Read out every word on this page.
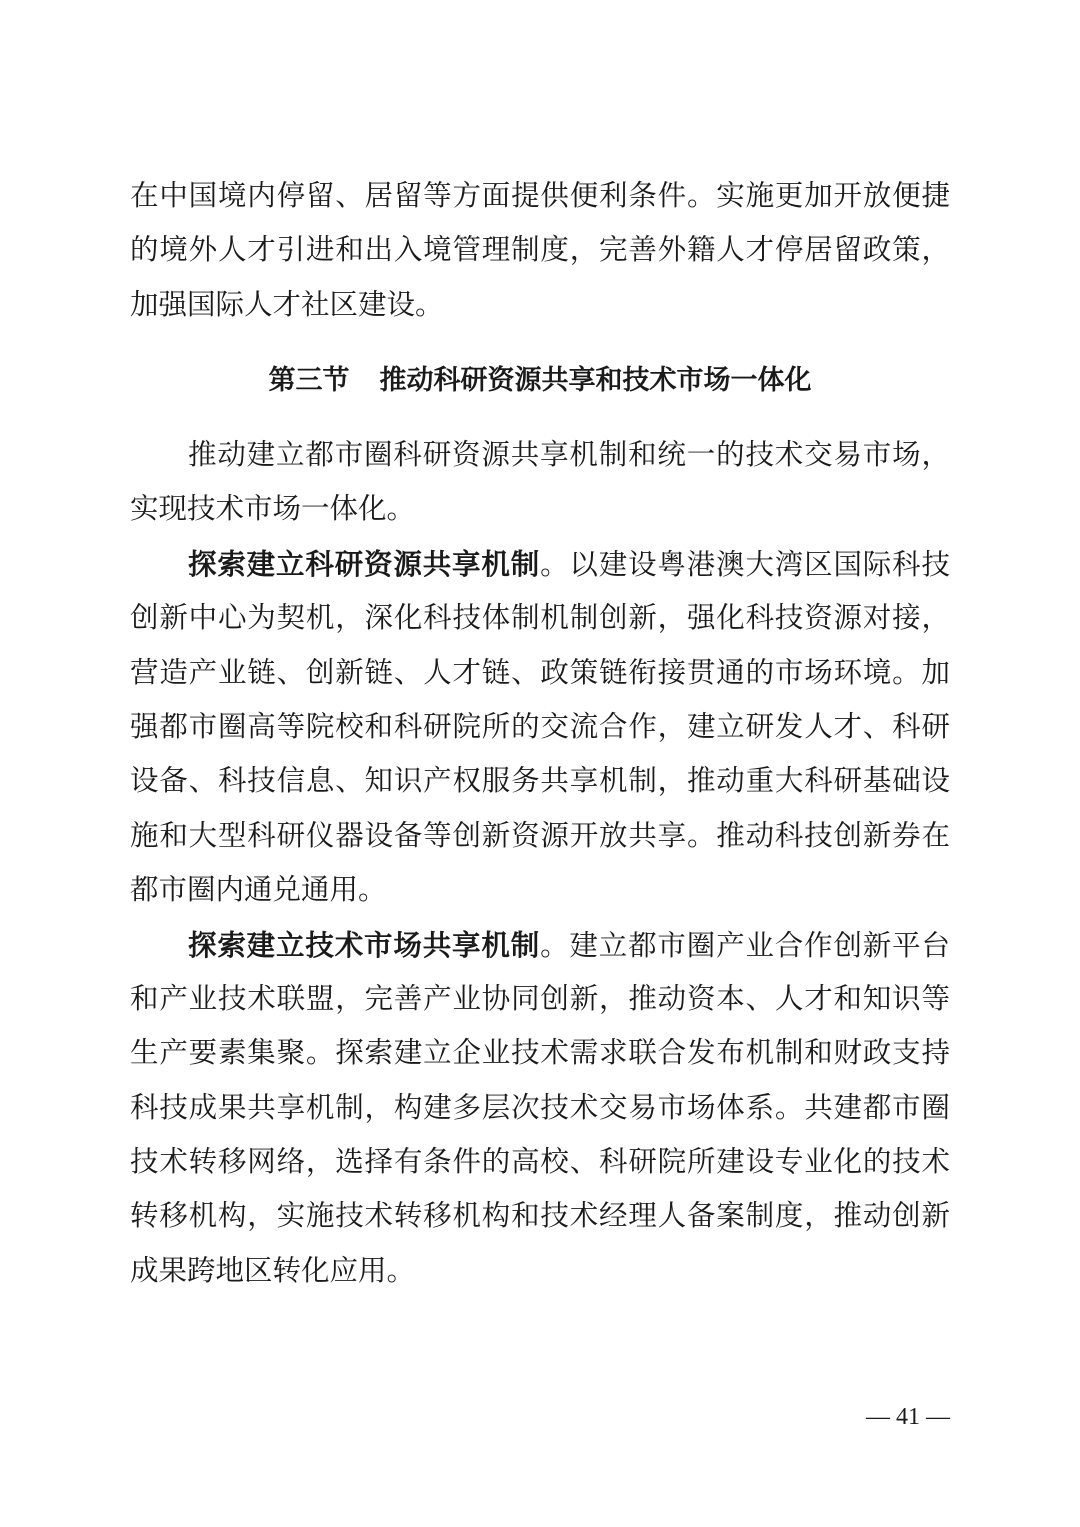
在中国境内停留、居留等方面提供便利条件。实施更加开放便捷
的境外人才引进和出入境管理制度，完善外籍人才停居留政策，
加强国际人才社区建设。
第三节 推动科研资源共享和技术市场一体化
推动建立都市圈科研资源共享机制和统一的技术交易市场，
实现技术市场一体化。
探索建立科研资源共享机制。以建设粤港澳大湾区国际科技
创新中心为契机，深化科技体制机制创新，强化科技资源对接，
营造产业链、创新链、人才链、政策链衔接贯通的市场环境。加
强都市圈高等院校和科研院所的交流合作，建立研发人才、科研
设备、科技信息、知识产权服务共享机制，推动重大科研基础设
施和大型科研仪器设备等创新资源开放共享。推动科技创新券在
都市圈内通兑通用。
探索建立技术市场共享机制。建立都市圈产业合作创新平台
和产业技术联盟，完善产业协同创新，推动资本、人才和知识等
生产要素集聚。探索建立企业技术需求联合发布机制和财政支持
科技成果共享机制，构建多层次技术交易市场体系。共建都市圈
技术转移网络，选择有条件的高校、科研院所建设专业化的技术
转移机构，实施技术转移机构和技术经理人备案制度，推动创新
成果跨地区转化应用。
— 41 —
